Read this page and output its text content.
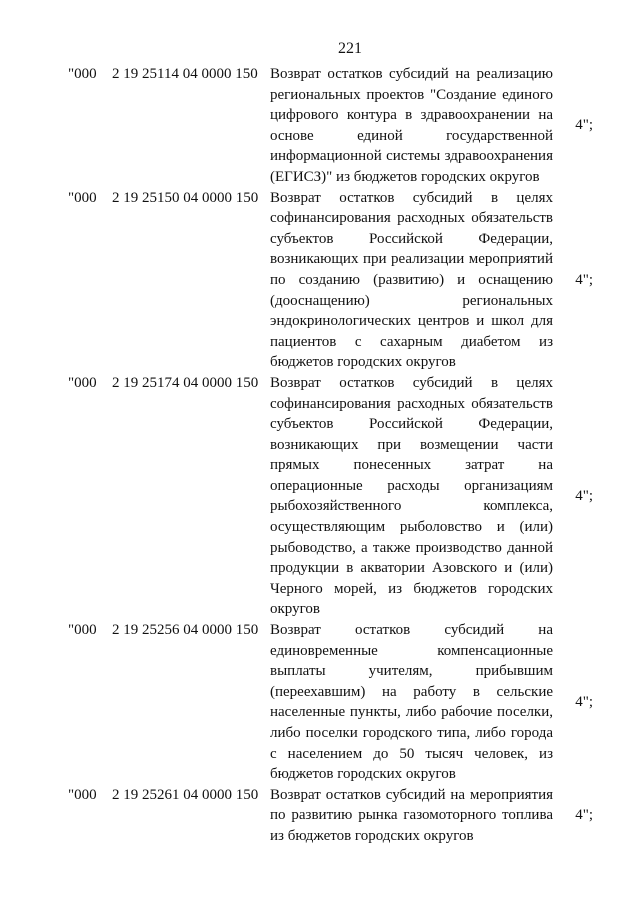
221
"000	2 19 25114 04 0000 150 Возврат остатков субсидий на реализацию
региональных проектов "Создание единого
цифрового контура в здравоохранении на
основе единой государственной
информационной системы здравоохранения
(ЕГИСЗ)" из бюджетов городских округов
4";
"000	2 19 25150 04 0000 150 Возврат остатков субсидий в целях
софинансирования расходных обязательств
субъектов Российской Федерации,
возникающих при реализации мероприятий
по созданию (развитию) и оснащению
(дооснащению) региональных
эндокринологических центров и школ для
пациентов с сахарным диабетом из
бюджетов городских округов
4";
"000	2 19 25174 04 0000 150 Возврат остатков субсидий в целях
софинансирования расходных обязательств
субъектов Российской Федерации,
возникающих при возмещении части
прямых понесенных затрат на
операционные расходы организациям
рыбохозяйственного комплекса,
осуществляющим рыболовство и (или)
рыбоводство, а также производство данной
продукции в акватории Азовского и (или)
Черного морей, из бюджетов городских
округов
4";
"000	2 19 25256 04 0000 150 Возврат остатков субсидий на
единовременные компенсационные
выплаты учителям, прибывшим
(переехавшим) на работу в сельские
населенные пункты, либо рабочие поселки,
либо поселки городского типа, либо города
с населением до 50 тысяч человек, из
бюджетов городских округов
4";
"000	2 19 25261 04 0000 150 Возврат остатков субсидий на мероприятия
по развитию рынка газомоторного топлива
из бюджетов городских округов
4";
